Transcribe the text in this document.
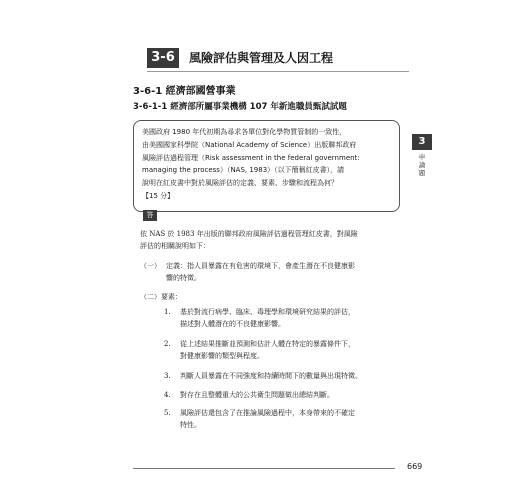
3-6	風險評估與管理及人因工程
3-6-1 經濟部國營事業
3-6-1-1 經濟部所屬事業機構 107 年新進職員甄試試題

美國政府 1980 年代初期為尋求各單位對化學物質管制的一致性，

由美國國家科學院（National Academy of Science）出版聯邦政府

風險評估過程管理（Risk assessment in the federal government:

managing the process）（NAS, 1983）（以下簡稱紅皮書），請

說明在紅皮書中對於風險評估的定義、要素、步驟和流程為何？

【15 分】

答
3
申論題
依 NAS 於 1983 年出版的聯邦政府風險評估過程管理紅皮書，對風險
評估的相關說明如下：
（一） 定義：指人員暴露在有危害的環境下，會產生潛在不良健康影
響的特徵。
（二）要素：
1. 基於對流行病學、臨床、毒理學和環境研究結果的評估，
描述對人體潛在的不良健康影響。
2. 從上述結果推斷並預測和估計人體在特定的暴露條件下，
對健康影響的類型與程度。
3. 判斷人員暴露在不同強度和持續時間下的數量與出現特徵。
4. 對存在且整體重大的公共衛生問題做出總結判斷。
5. 風險評估還包含了在推論風險過程中，本身帶來的不確定
特性。
669
